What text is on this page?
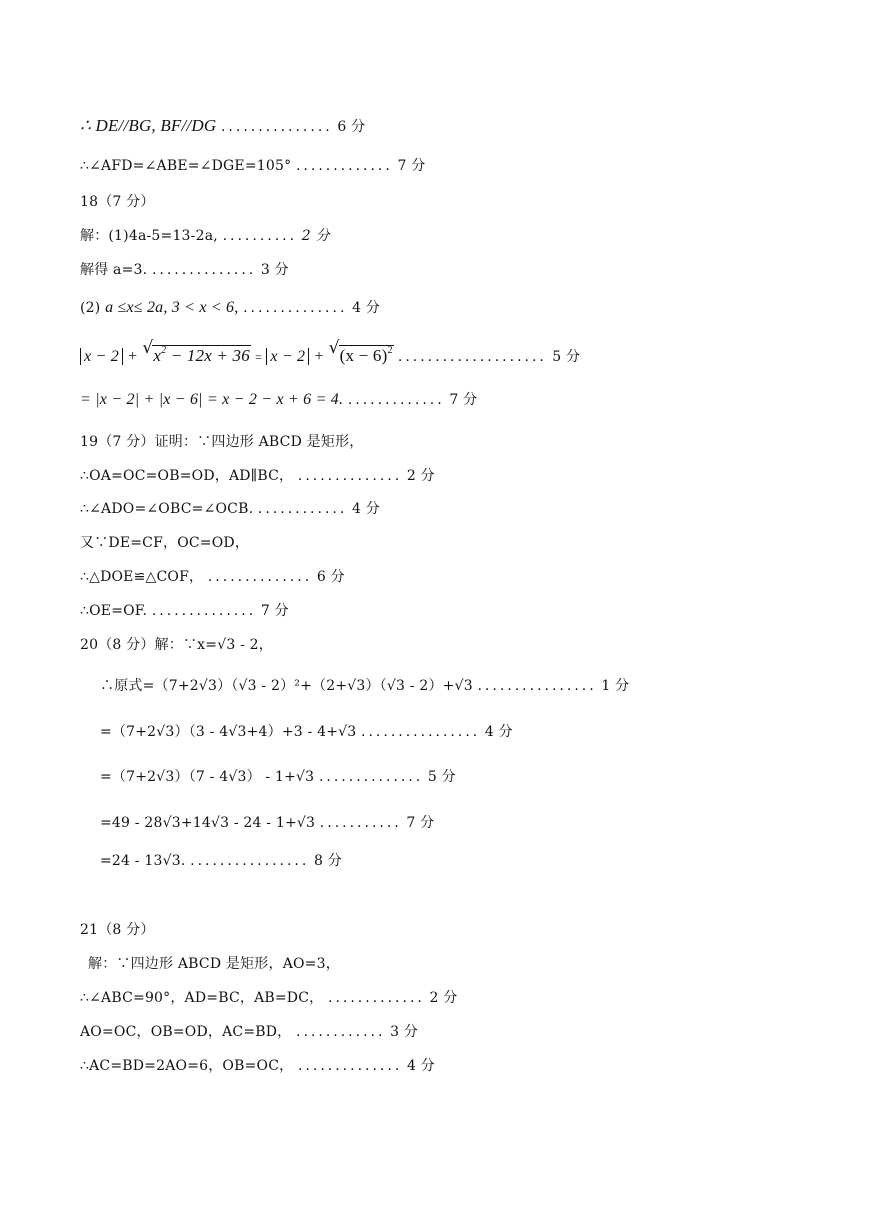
∴ DE//BG, BF//DG ............... 6 分
∴∠AFD=∠ABE=∠DGE=105° ............. 7 分
18（7 分）
解：(1)4a-5=13-2a, .......... 2 分
解得 a=3. .............. 3 分
(2) a ≤x≤ 2a, 3 < x < 6, .............. 4 分
x − 2 + √ $x^2 - 12x + 36 = x - 2$ + √ $(x - 6)^2$ .................... 5 分
= |x − 2| + |x − 6| = x − 2 − x + 6 = 4. ............. 7 分
19（7 分）证明：∵四边形 ABCD 是矩形，
∴OA=OC=OB=OD，AD∥BC， .............. 2 分
∴∠ADO=∠OBC=∠OCB. ............ 4 分
又∵DE=CF，OC=OD，
∴△DOE≌△COF， .............. 6 分
∴OE=OF. .............. 7 分
20（8 分）解：∵x=√3 - 2，
∴原式=（7+2√3）（√3 - 2）²+（2+√3）（√3 - 2）+√3 ................ 1 分
=（7+2√3）（3 - 4√3+4）+3 - 4+√3 ................ 4 分
=（7+2√3）（7 - 4√3） - 1+√3 .............. 5 分
=49 - 28√3+14√3 - 24 - 1+√3 ........... 7 分
=24 - 13√3. ................ 8 分
21（8 分）
解：∵四边形 ABCD 是矩形，AO=3，
∴∠ABC=90°，AD=BC，AB=DC， ............. 2 分
AO=OC，OB=OD，AC=BD， ............ 3 分
∴AC=BD=2AO=6，OB=OC， .............. 4 分
